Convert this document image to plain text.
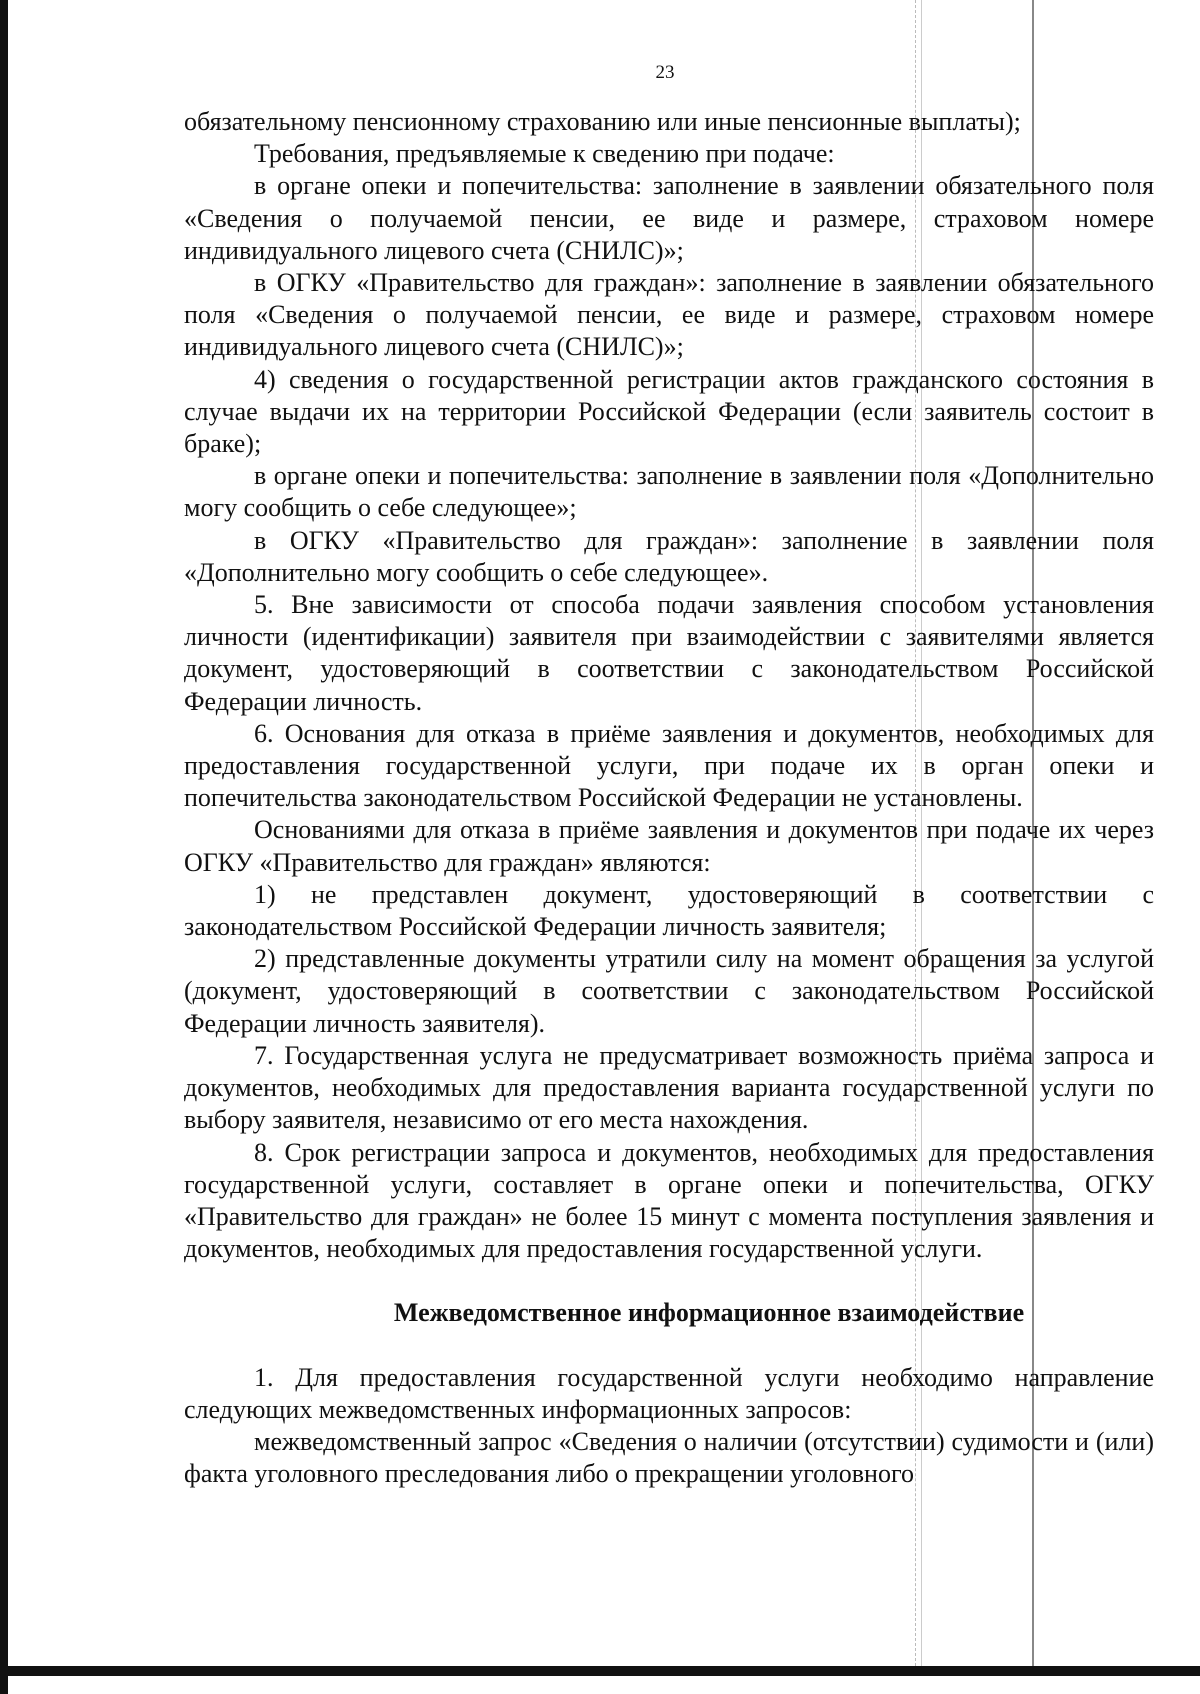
23

обязательному пенсионному страхованию или иные пенсионные выплаты);

Требования, предъявляемые к сведению при подаче:

в органе опеки и попечительства: заполнение в заявлении обязательного поля «Сведения о получаемой пенсии, ее виде и размере, страховом номере индивидуального лицевого счета (СНИЛС)»;

в ОГКУ «Правительство для граждан»: заполнение в заявлении обязательного поля «Сведения о получаемой пенсии, ее виде и размере, страховом номере индивидуального лицевого счета (СНИЛС)»;

4) сведения о государственной регистрации актов гражданского состояния в случае выдачи их на территории Российской Федерации (если заявитель состоит в браке);

в органе опеки и попечительства: заполнение в заявлении поля «Дополнительно могу сообщить о себе следующее»;

в ОГКУ «Правительство для граждан»: заполнение в заявлении поля «Дополнительно могу сообщить о себе следующее».

5. Вне зависимости от способа подачи заявления способом установления личности (идентификации) заявителя при взаимодействии с заявителями является документ, удостоверяющий в соответствии с законодательством Российской Федерации личность.

6. Основания для отказа в приёме заявления и документов, необходимых для предоставления государственной услуги, при подаче их в орган опеки и попечительства законодательством Российской Федерации не установлены.

Основаниями для отказа в приёме заявления и документов при подаче их через ОГКУ «Правительство для граждан» являются:

1) не представлен документ, удостоверяющий в соответствии с законодательством Российской Федерации личность заявителя;

2) представленные документы утратили силу на момент обращения за услугой (документ, удостоверяющий в соответствии с законодательством Российской Федерации личность заявителя).

7. Государственная услуга не предусматривает возможность приёма запроса и документов, необходимых для предоставления варианта государственной услуги по выбору заявителя, независимо от его места нахождения.

8. Срок регистрации запроса и документов, необходимых для предоставления государственной услуги, составляет в органе опеки и попечительства, ОГКУ «Правительство для граждан» не более 15 минут с момента поступления заявления и документов, необходимых для предоставления государственной услуги.

Межведомственное информационное взаимодействие

1. Для предоставления государственной услуги необходимо направление следующих межведомственных информационных запросов:

межведомственный запрос «Сведения о наличии (отсутствии) судимости и (или) факта уголовного преследования либо о прекращении уголовного
